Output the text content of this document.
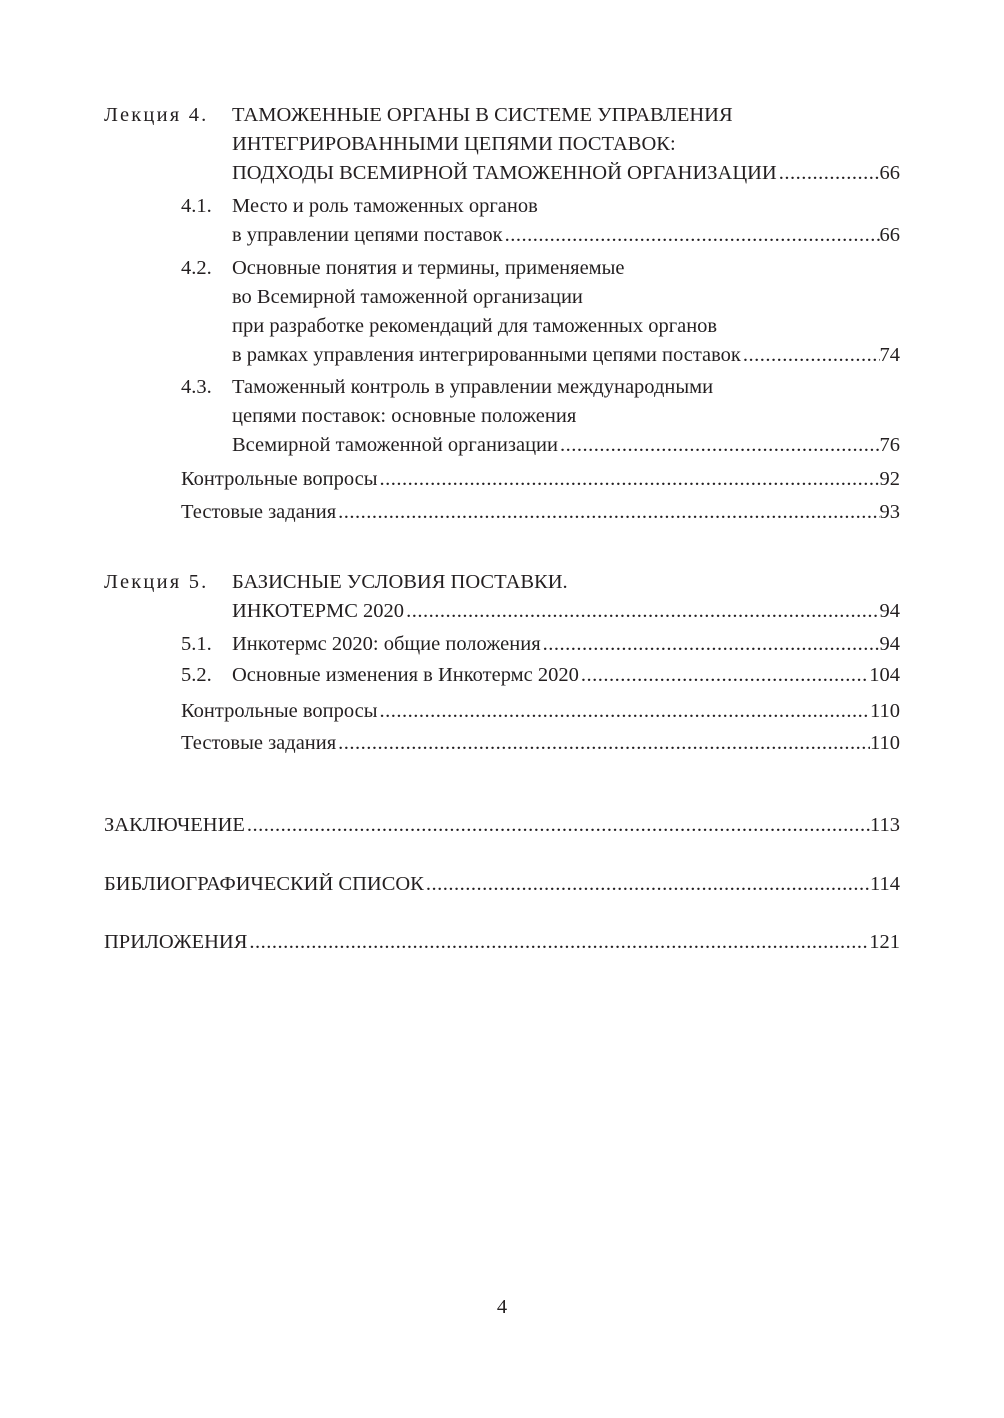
Лекция 4. ТАМОЖЕННЫЕ ОРГАНЫ В СИСТЕМЕ УПРАВЛЕНИЯ
ИНТЕГРИРОВАННЫМИ ЦЕПЯМИ ПОСТАВОК:
ПОДХОДЫ ВСЕМИРНОЙ ТАМОЖЕННОЙ ОРГАНИЗАЦИИ .....	66
4.1. Место и роль таможенных органов
в управлении цепями поставок .....	66
4.2. Основные понятия и термины, применяемые
во Всемирной таможенной организации
при разработке рекомендаций для таможенных органов
в рамках управления интегрированными цепями поставок .....	74
4.3. Таможенный контроль в управлении международными
цепями поставок: основные положения
Всемирной таможенной организации .....	76
Контрольные вопросы .....	92
Тестовые задания .....	93
Лекция 5. БАЗИСНЫЕ УСЛОВИЯ ПОСТАВКИ.
ИНКОТЕРМС 2020 .....	94
5.1. Инкотермс 2020: общие положения .....	94
5.2. Основные изменения в Инкотермс 2020 .....	104
Контрольные вопросы .....	110
Тестовые задания .....	110
ЗАКЛЮЧЕНИЕ .....	113
БИБЛИОГРАФИЧЕСКИЙ СПИСОК .....	114
ПРИЛОЖЕНИЯ .....	121
4
